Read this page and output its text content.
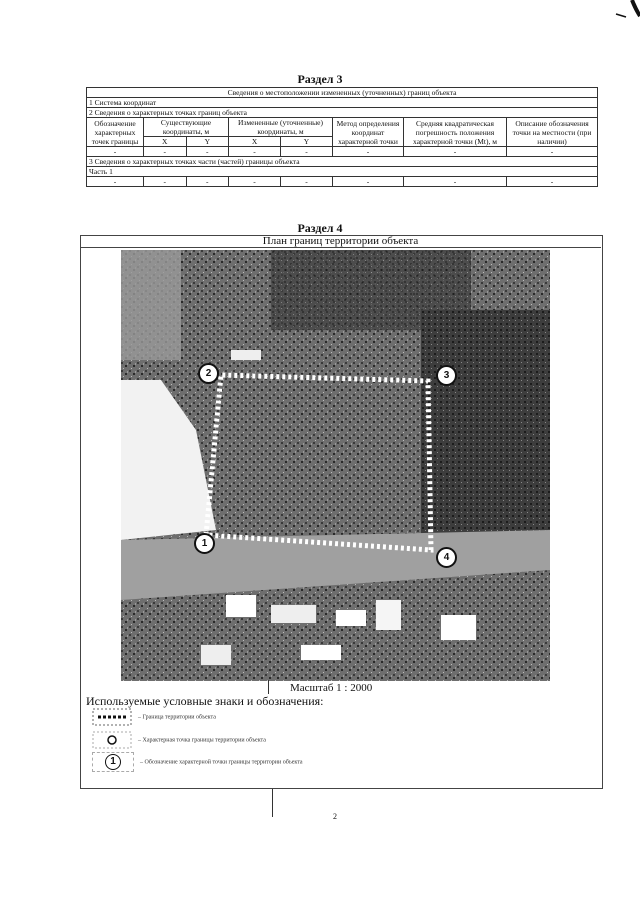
Раздел 3
Сведения о местоположении измененных (уточненных) границ объекта							
1 Система координат							
2 Сведения о характерных точках границ объекта							
Обозначение характерных точек границы	Существующие координаты, м		Измененные (уточненные) координаты, м		Метод определения координат характерной точки	Средняя квадратическая погрешность положения характерной точки (Mt), м	Описание обозначения точки на местности (при наличии)
	X	Y	X	Y			
-	-	-	-	-	-	-	-
3 Сведения о характерных точках части (частей) границы объекта							
Часть 1							
-	-	-	-	-	-	-	-
Раздел 4
План границ территории объекта
2	3
1
4
Масштаб 1 : 2000
Используемые условные знаки и обозначения:
– Граница территории объекта
– Характерная точка границы территории объекта
1	– Обозначение характерной точки границы территории объекта
2
